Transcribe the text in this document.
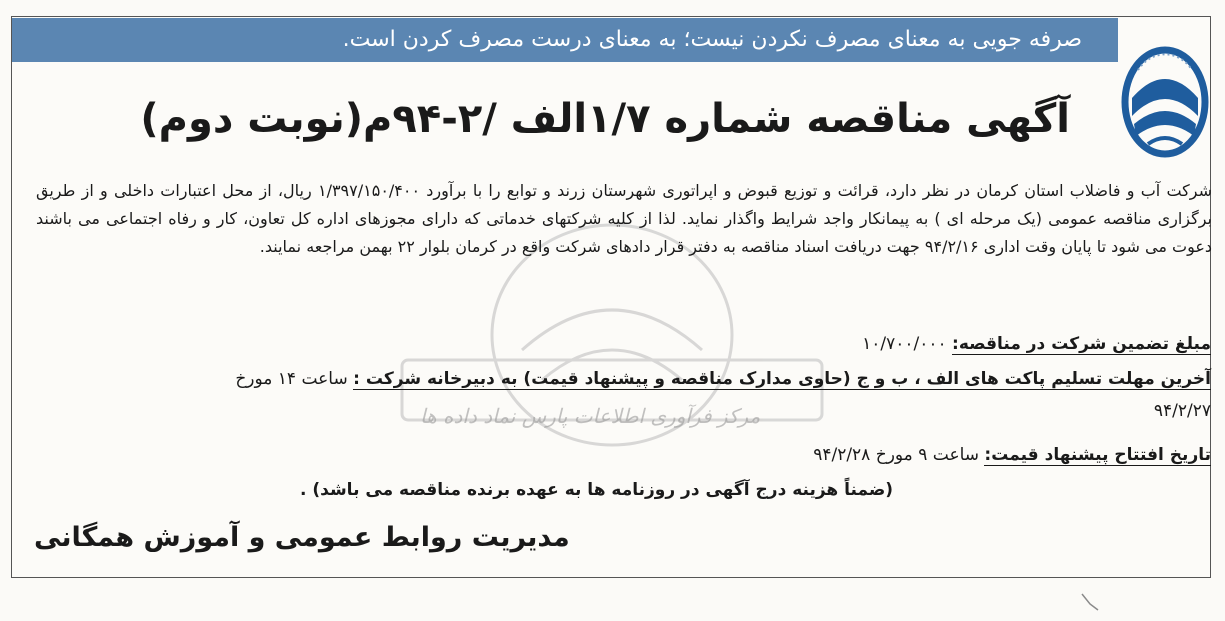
صرفه جویی به معنای مصرف نکردن نیست؛ به معنای درست مصرف کردن است.

مرکز فرآوری اطلاعات پارس نماد داده ها

آگهی مناقصه شماره ۱/۷الف /۲-۹۴م(نوبت دوم)

شرکت آب و فاضلاب استان کرمان در نظر دارد، قرائت و توزیع قبوض و اپراتوری شهرستان زرند و توابع را با برآورد ۱/۳۹۷/۱۵۰/۴۰۰ ریال، از محل اعتبارات داخلی و از طریق برگزاری مناقصه عمومی (یک مرحله ای ) به پیمانکار واجد شرایط واگذار نماید. لذا از کلیه شرکتهای خدماتی که دارای مجوزهای اداره کل تعاون، کار و رفاه اجتماعی می باشند دعوت می شود تا پایان وقت اداری ۹۴/۲/۱۶ جهت دریافت اسناد مناقصه به دفتر قرار دادهای شرکت واقع در کرمان بلوار ۲۲ بهمن مراجعه نمایند.

مبلغ تضمین شرکت در مناقصه: ۱۰/۷۰۰/۰۰۰

آخرین مهلت تسلیم پاکت های الف ، ب و ج (حاوی مدارک مناقصه و پیشنهاد قیمت) به دبیرخانه شرکت : ساعت ۱۴ مورخ

۹۴/۲/۲۷

تاریخ افتتاح پیشنهاد قیمت: ساعت ۹ مورخ ۹۴/۲/۲۸

(ضمناً هزینه درج آگهی در روزنامه ها به عهده برنده مناقصه می باشد) .

مدیریت روابط عمومی و آموزش همگانی
